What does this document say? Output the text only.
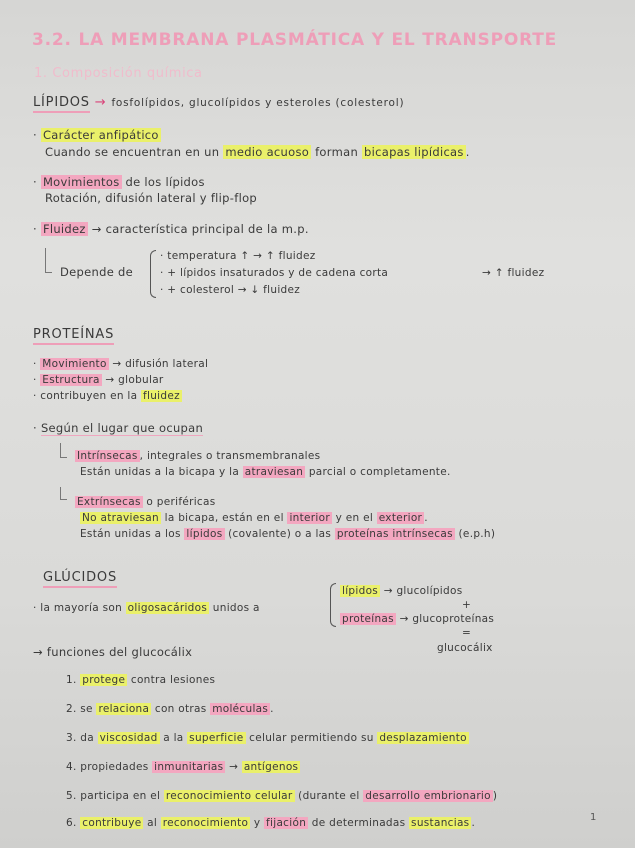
3.2. LA MEMBRANA PLASMÁTICA Y EL TRANSPORTE
1. Composición química
LÍPIDOS → fosfolípidos, glucolípidos y esteroles (colesterol)
· Carácter anfipático
Cuando se encuentran en un medio acuoso forman bicapas lipídicas .
· Movimientos de los lípidos
Rotación, difusión lateral y flip-flop
· Fluidez → característica principal de la m.p.
Depende de
· temperatura ↑ → ↑ fluidez
· + lípidos insaturados y de cadena corta
· + colesterol → ↓ fluidez
→ ↑ fluidez
PROTEÍNAS
· Movimiento → difusión lateral
· Estructura → globular
· contribuyen en la fluidez
· Según el lugar que ocupan
Intrínsecas , integrales o transmembranales
Están unidas a la bicapa y la atraviesan parcial o completamente.
Extrínsecas o periféricas
No atraviesan la bicapa, están en el interior y en el exterior .
Están unidas a los lípidos (covalente) o a las proteínas intrínsecas (e.p.h)
GLÚCIDOS
· la mayoría son oligosacáridos unidos a
lípidos → glucolípidos
+
proteínas → glucoproteínas
=
glucocálix
→ funciones del glucocálix
1. protege contra lesiones
2. se relaciona con otras moléculas .
3. da viscosidad a la superficie celular permitiendo su desplazamiento
4. propiedades inmunitarias → antígenos
5. participa en el reconocimiento celular (durante el desarrollo embrionario )
6. contribuye al reconocimiento y fijación de determinadas sustancias .	1
